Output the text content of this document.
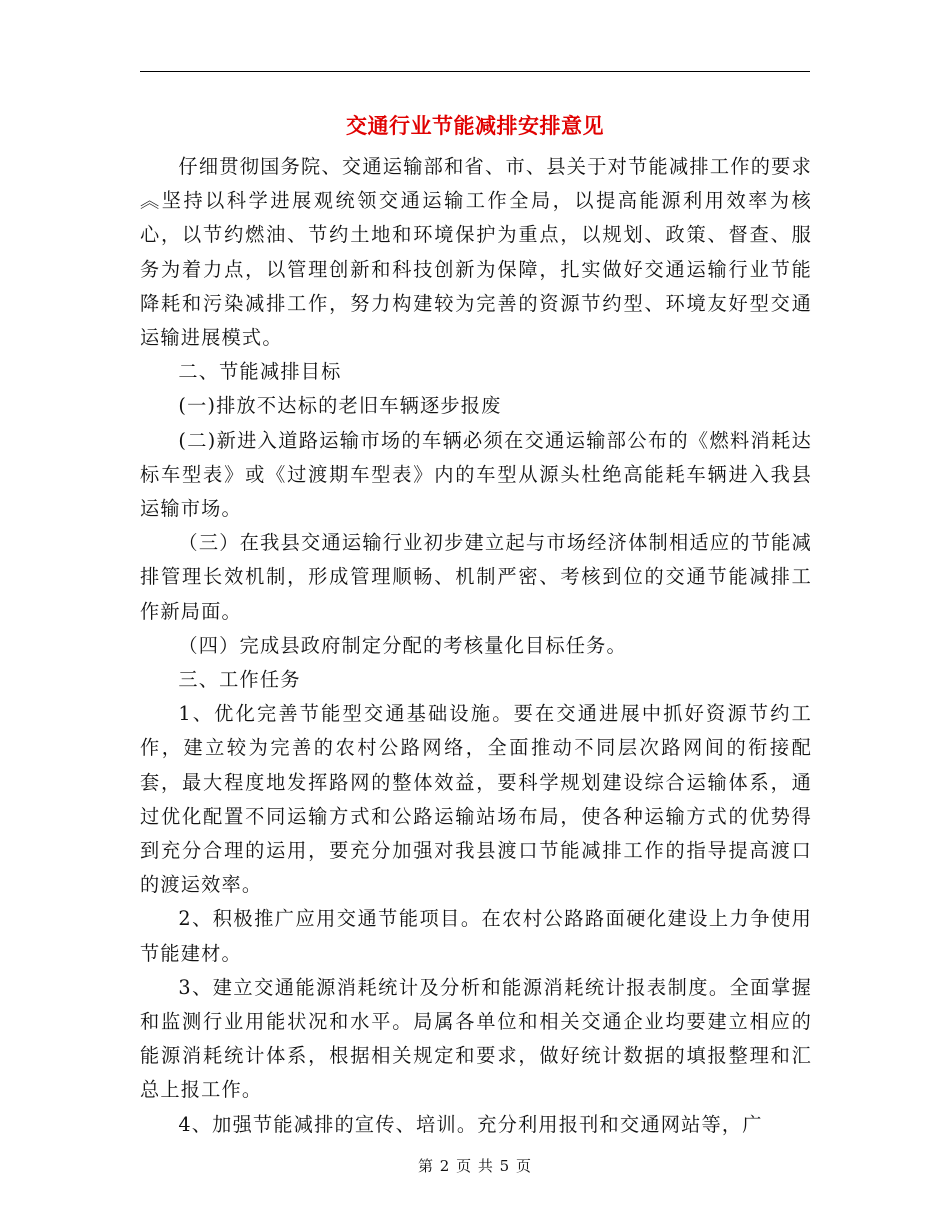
交通行业节能减排安排意见

仔细贯彻国务院、交通运输部和省、市、县关于对节能减排工作的要求︽坚持以科学进展观统领交通运输工作全局，以提高能源利用效率为核心，以节约燃油、节约土地和环境保护为重点，以规划、政策、督查、服务为着力点，以管理创新和科技创新为保障，扎实做好交通运输行业节能降耗和污染减排工作，努力构建较为完善的资源节约型、环境友好型交通运输进展模式。

二、节能减排目标

(一)排放不达标的老旧车辆逐步报废

(二)新进入道路运输市场的车辆必须在交通运输部公布的《燃料消耗达标车型表》或《过渡期车型表》内的车型从源头杜绝高能耗车辆进入我县运输市场。

（三）在我县交通运输行业初步建立起与市场经济体制相适应的节能减排管理长效机制，形成管理顺畅、机制严密、考核到位的交通节能减排工作新局面。

（四）完成县政府制定分配的考核量化目标任务。

三、工作任务

1、优化完善节能型交通基础设施。要在交通进展中抓好资源节约工作，建立较为完善的农村公路网络，全面推动不同层次路网间的衔接配套，最大程度地发挥路网的整体效益，要科学规划建设综合运输体系，通过优化配置不同运输方式和公路运输站场布局，使各种运输方式的优势得到充分合理的运用，要充分加强对我县渡口节能减排工作的指导提高渡口的渡运效率。

2、积极推广应用交通节能项目。在农村公路路面硬化建设上力争使用节能建材。

3、建立交通能源消耗统计及分析和能源消耗统计报表制度。全面掌握和监测行业用能状况和水平。局属各单位和相关交通企业均要建立相应的能源消耗统计体系，根据相关规定和要求，做好统计数据的填报整理和汇总上报工作。

4、加强节能减排的宣传、培训。充分利用报刊和交通网站等，广

第 2 页 共 5 页
